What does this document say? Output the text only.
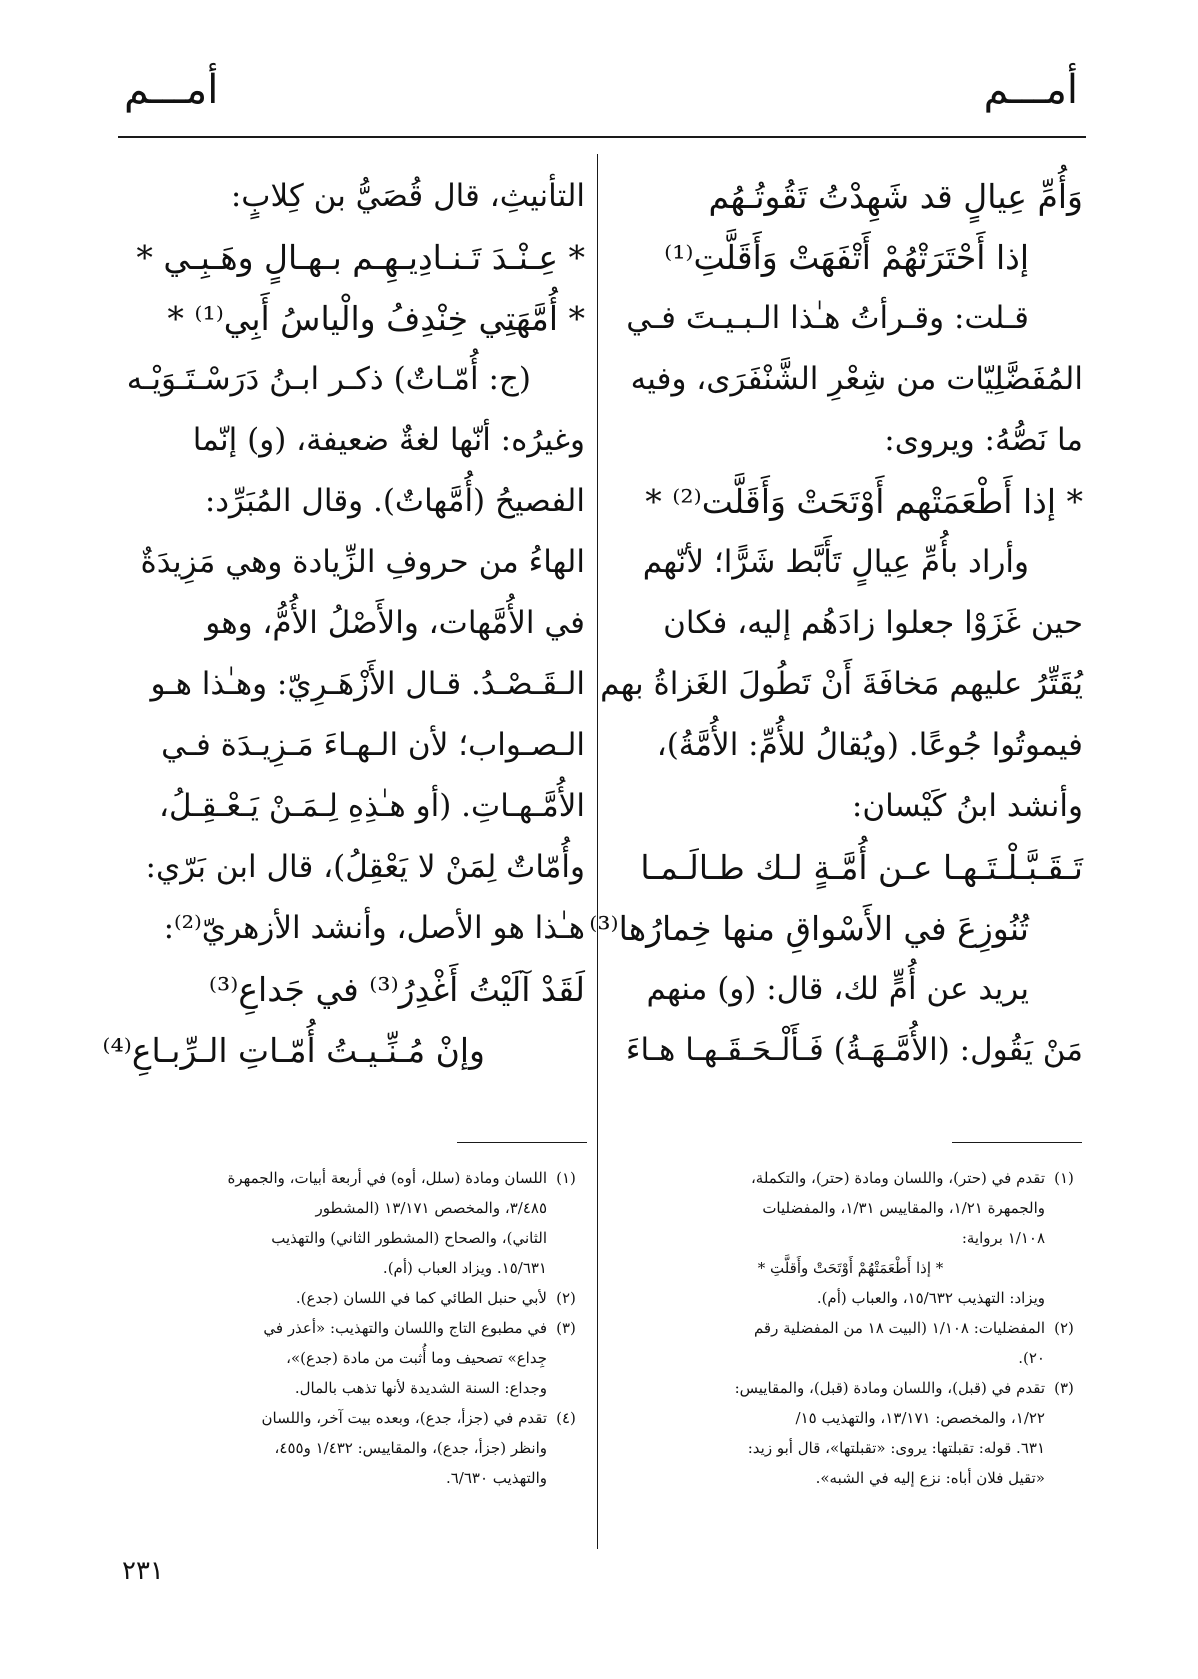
أمـــم
أمـــم
وَأُمِّ عِيالٍ قد شَهِدْتُ تَقُوتُـهُم
إذا أَحْتَرَتْهُمْ أَتْفَهَتْ وَأَقَلَّتِ⁽¹⁾
قـلت: وقـرأتُ هـٰذا الـبـيـتَ فـي
المُفَضَّلِيّات من شِعْرِ الشَّنْفَرَى، وفيه
ما نَصُّهُ: ويروى:
* إذا أَطْعَمَتْهم أَوْتَحَتْ وَأَقَلَّت⁽²⁾ *
وأراد بأُمِّ عِيالٍ تَأَبَّط شَرًّا؛ لأنّهم
حين غَزَوْا جعلوا زادَهُم إليه، فكان
يُقَتِّرُ عليهم مَخافَةَ أَنْ تَطُولَ الغَزاةُ بهم
فيموتُوا جُوعًا. (ويُقالُ للأُمِّ: الأُمَّةُ)،
وأنشد ابنُ كَيْسان:
تَـقَـبَّـلْـتَـهـا عـن أُمَّـةٍ لـك طـالَـمـا
تُنُوزِعَ في الأَسْواقِ منها خِمارُها⁽³⁾
يريد عن أُمٍّ لك، قال: (و) منهم
مَنْ يَقُول: (الأُمَّـهَـةُ) فَـأَلْـحَـقَـهـا هـاءَ
التأنيثِ، قال قُصَيُّ بن كِلابٍ:
* عِـنْـدَ تَـنـادِيـهِـم بـهـالٍ وهَـبِـي *
* أُمَّهَتِي خِنْدِفُ والْياسُ أَبِي⁽¹⁾ *
(ج: أُمّـاتٌ) ذكـر ابـنُ دَرَسْـتَـوَيْـه
وغيرُه: أنّها لغةٌ ضعيفة، (و) إنّما
الفصيحُ (أُمَّهاتٌ). وقال المُبَرِّد:
الهاءُ من حروفِ الزِّيادة وهي مَزِيدَةٌ
في الأُمَّهات، والأَصْلُ الأُمُّ، وهو
الـقَـصْـدُ. قـال الأَزْهَـرِيّ: وهـٰذا هـو
الـصـواب؛ لأن الـهـاءَ مَـزِيـدَة فـي
الأُمَّـهـاتِ. (أو هـٰذِهِ لِـمَـنْ يَـعْـقِـلُ،
وأُمّاتٌ لِمَنْ لا يَعْقِلُ)، قال ابن بَرّي:
هـٰذا هو الأصل، وأنشد الأزهريّ⁽²⁾:
لَقَدْ آلَيْتُ أَغْدِرُ⁽³⁾ في جَداعِ⁽³⁾
وإنْ مُـنِّـيـتُ أُمّـاتِ الـرِّبـاعِ⁽⁴⁾
(١)تقدم في (حتر)، واللسان ومادة (حتر)، والتكملة،
والجمهرة ١/٢١، والمقاييس ١/٣١، والمفضليات
١/١٠٨ برواية:
* إذا أَطْعَمَتْهُمْ أَوْتَحَتْ وأَقلَّتِ *
ويزاد: التهذيب ١٥/٦٣٢، والعباب (أم).
(٢)المفضليات: ١/١٠٨ (البيت ١٨ من المفضلية رقم
٢٠).
(٣)تقدم في (قبل)، واللسان ومادة (قبل)، والمقاييس:
١/٢٢، والمخصص: ١٣/١٧١، والتهذيب ١٥/
٦٣١. قوله: تقبلتها: يروى: «تقبلتها»، قال أبو زيد:
«تقيل فلان أباه: نزع إليه في الشبه».
(١)اللسان ومادة (سلل، أوه) في أربعة أبيات، والجمهرة
٣/٤٨٥، والمخصص ١٣/١٧١ (المشطور
الثاني)، والصحاح (المشطور الثاني) والتهذيب
١٥/٦٣١. ويزاد العباب (أم).
(٢)لأبي حنبل الطائي كما في اللسان (جدع).
(٣)في مطبوع التاج واللسان والتهذيب: «أعذر في
جِداع» تصحيف وما أُثبت من مادة (جدع)»،
وجداع: السنة الشديدة لأنها تذهب بالمال.
(٤)تقدم في (جزأ، جدع)، وبعده بيت آخر، واللسان
وانظر (جزأ، جدع)، والمقاييس: ١/٤٣٢ و٤٥٥،
والتهذيب ٦/٦٣٠.
٢٣١
